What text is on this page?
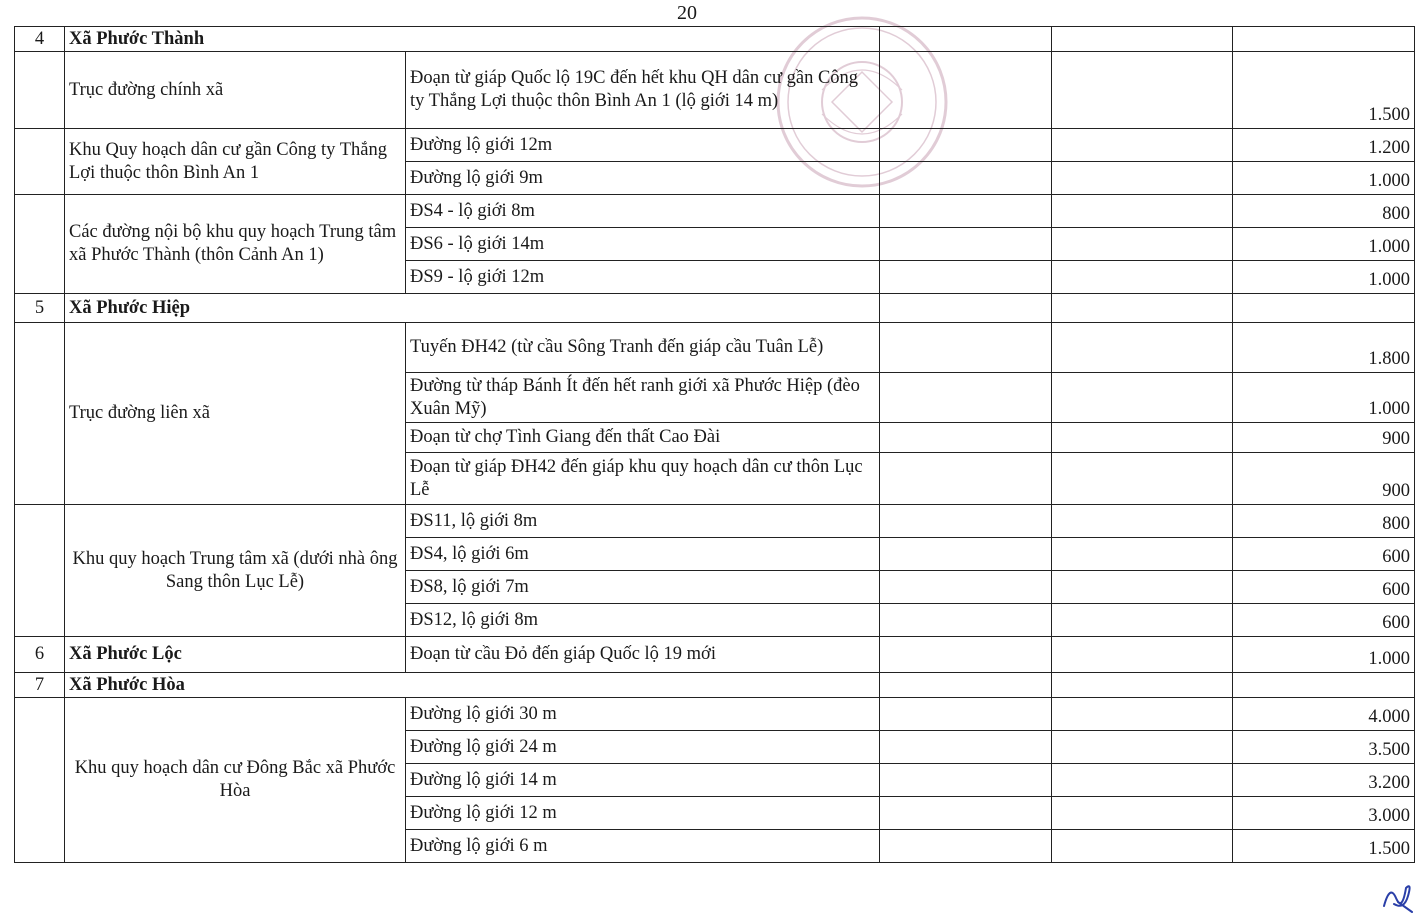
20
4	Xã Phước Thành				
	Trục đường chính xã	Đoạn từ giáp Quốc lộ 19C đến hết khu QH dân cư gần Công ty Thắng Lợi thuộc thôn Bình An 1 (lộ giới 14 m)			1.500
	Khu Quy hoạch dân cư gần Công ty Thắng Lợi thuộc thôn Bình An 1	Đường lộ giới 12m			1.200
		Đường lộ giới 9m			1.000
	Các đường nội bộ khu quy hoạch Trung tâm xã Phước Thành (thôn Cảnh An 1)	ĐS4 - lộ giới 8m			800
		ĐS6 - lộ giới 14m			1.000
		ĐS9 - lộ giới 12m			1.000
5	Xã Phước Hiệp				
	Trục đường liên xã	Tuyến ĐH42 (từ cầu Sông Tranh đến giáp cầu Tuân Lễ)			1.800
		Đường từ tháp Bánh Ít đến hết ranh giới xã Phước Hiệp (đèo Xuân Mỹ)			1.000
		Đoạn từ chợ Tình Giang đến thất Cao Đài			900
		Đoạn từ giáp ĐH42 đến giáp khu quy hoạch dân cư thôn Lục Lễ			900
	Khu quy hoạch Trung tâm xã (dưới nhà ông Sang thôn Lục Lễ)	ĐS11, lộ giới 8m			800
		ĐS4, lộ giới 6m			600
		ĐS8, lộ giới 7m			600
		ĐS12, lộ giới 8m			600
6	Xã Phước Lộc	Đoạn từ cầu Đỏ đến giáp Quốc lộ 19 mới			1.000
7	Xã Phước Hòa				
	Khu quy hoạch dân cư Đông Bắc xã Phước Hòa	Đường lộ giới 30 m			4.000
		Đường lộ giới 24 m			3.500
		Đường lộ giới 14 m			3.200
		Đường lộ giới 12 m			3.000
		Đường lộ giới 6 m			1.500
